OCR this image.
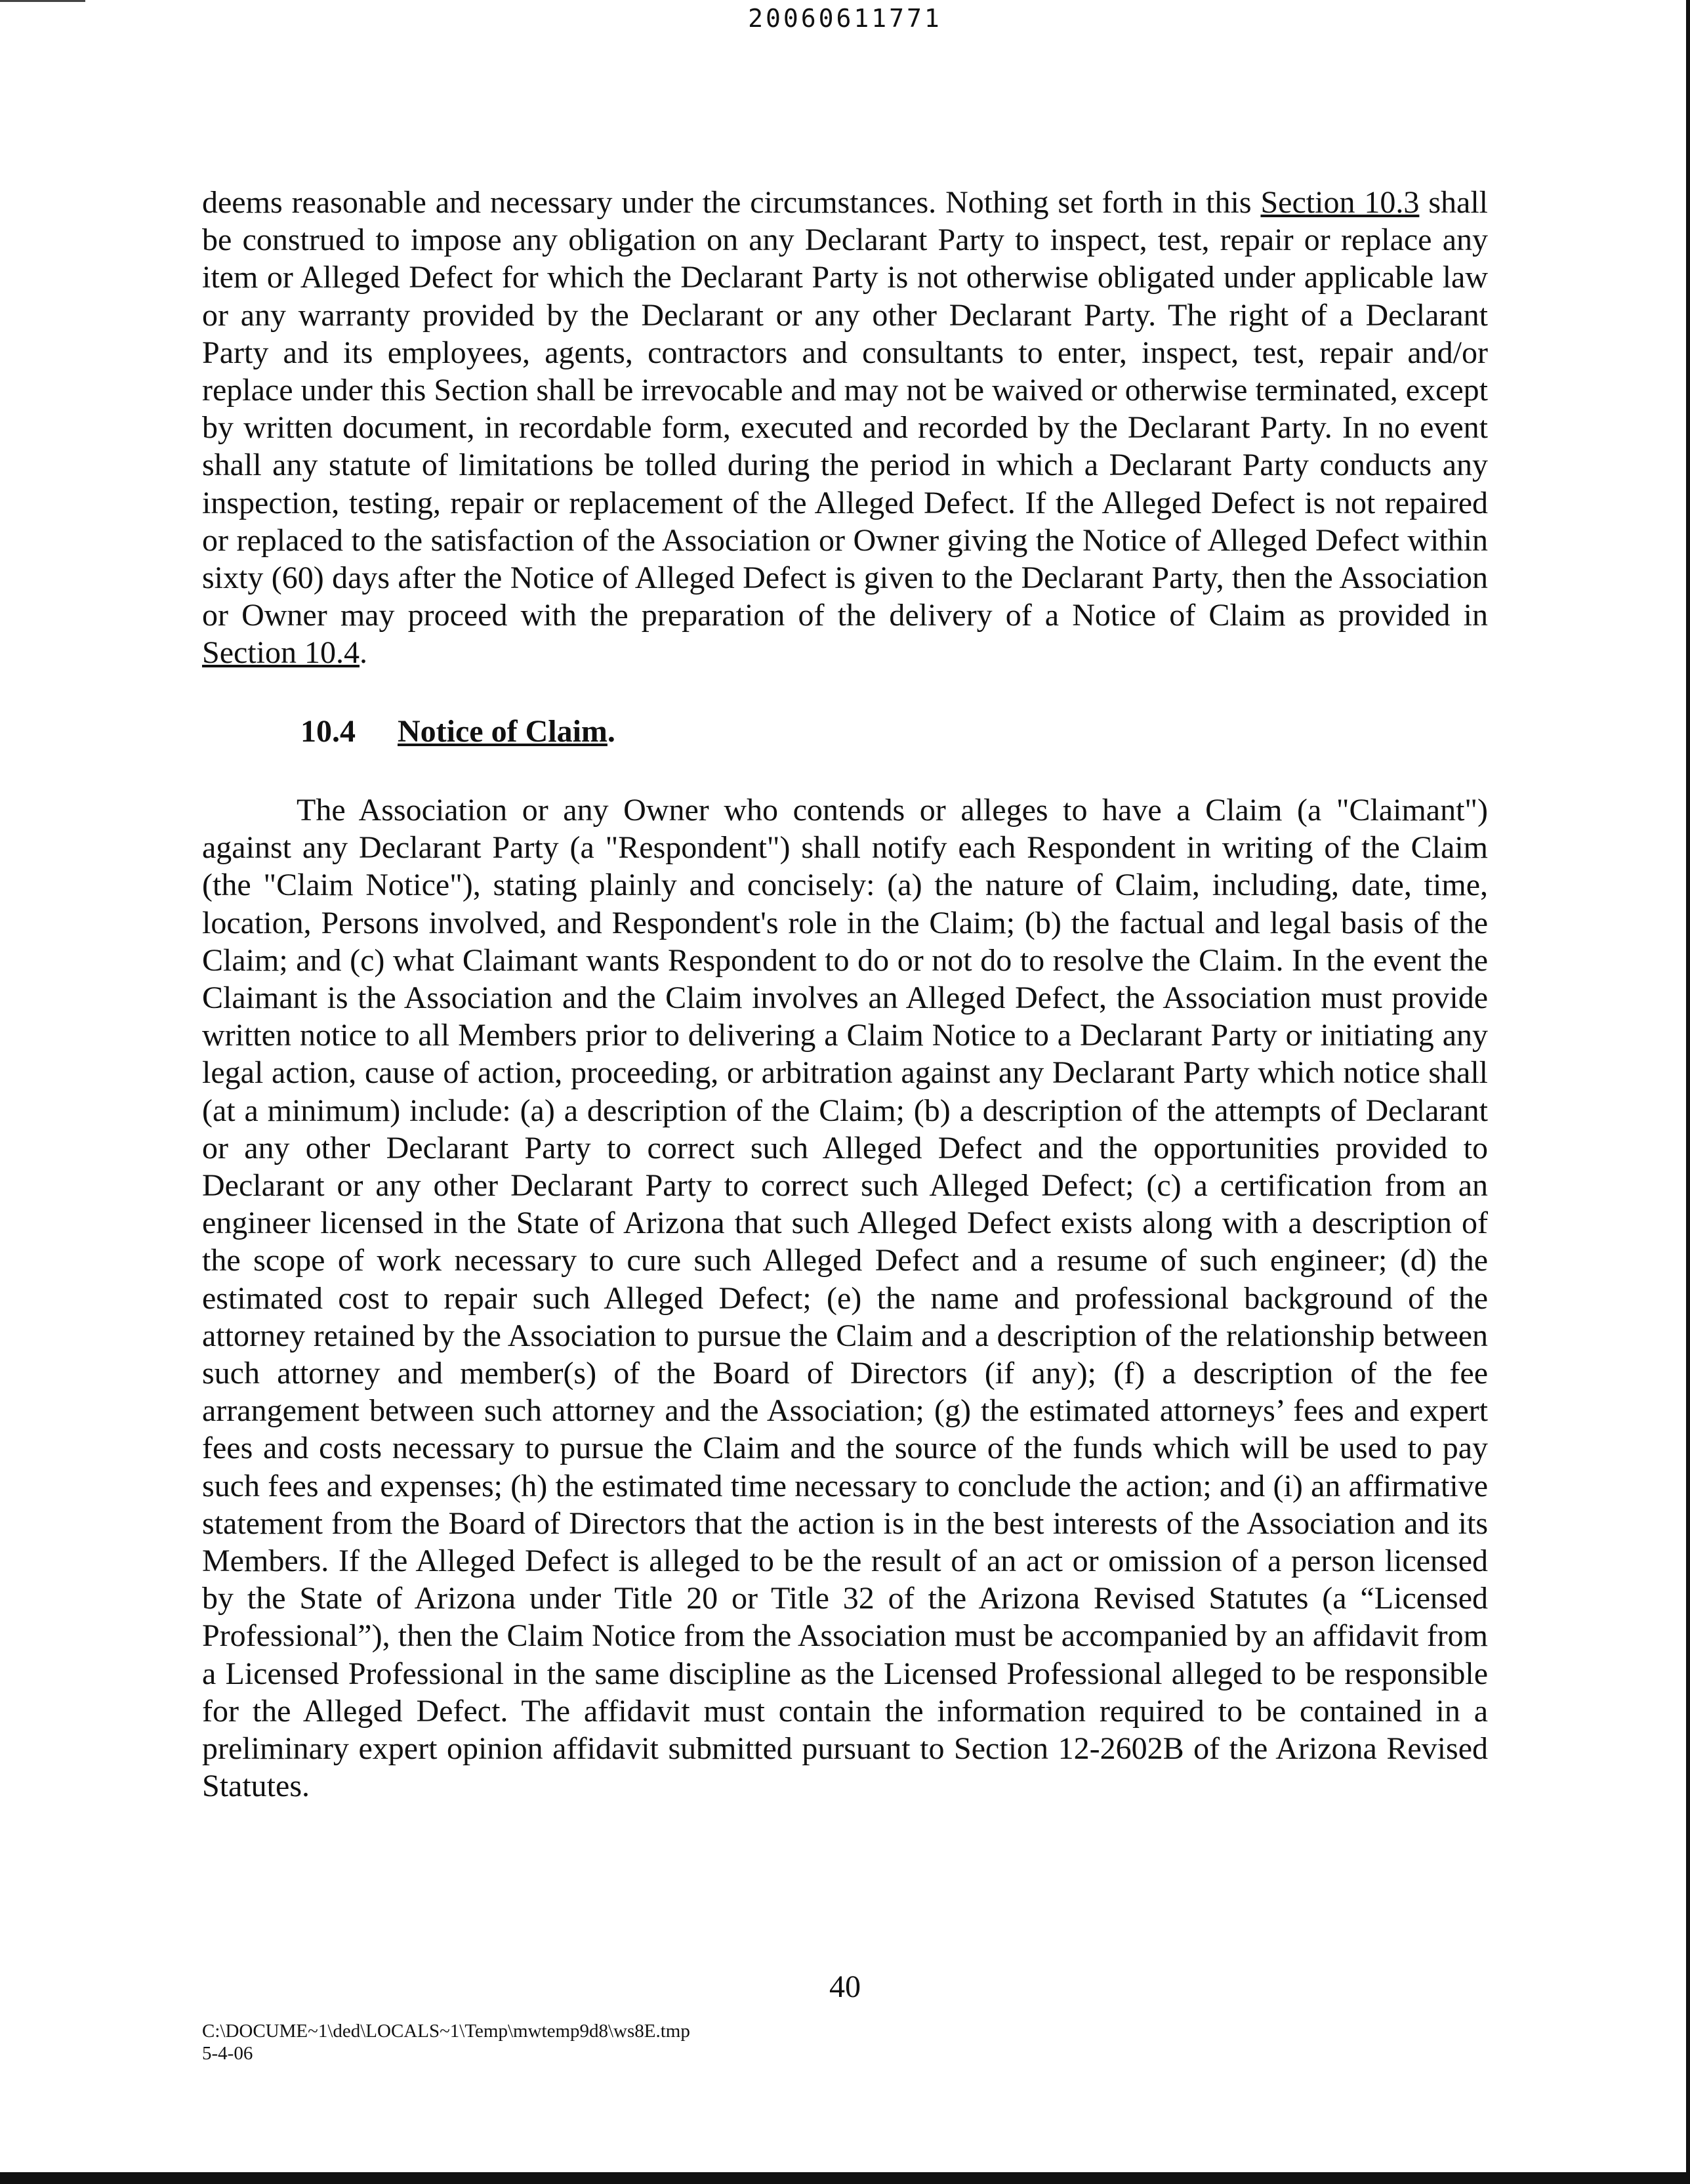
20060611771

deems reasonable and necessary under the circumstances. Nothing set forth in this Section 10.3 shall be construed to impose any obligation on any Declarant Party to inspect, test, repair or replace any item or Alleged Defect for which the Declarant Party is not otherwise obligated under applicable law or any warranty provided by the Declarant or any other Declarant Party. The right of a Declarant Party and its employees, agents, contractors and consultants to enter, inspect, test, repair and/or replace under this Section shall be irrevocable and may not be waived or otherwise terminated, except by written document, in recordable form, executed and recorded by the Declarant Party. In no event shall any statute of limitations be tolled during the period in which a Declarant Party conducts any inspection, testing, repair or replacement of the Alleged Defect. If the Alleged Defect is not repaired or replaced to the satisfaction of the Association or Owner giving the Notice of Alleged Defect within sixty (60) days after the Notice of Alleged Defect is given to the Declarant Party, then the Association or Owner may proceed with the preparation of the delivery of a Notice of Claim as provided in Section 10.4.

10.4 Notice of Claim.

The Association or any Owner who contends or alleges to have a Claim (a "Claimant") against any Declarant Party (a "Respondent") shall notify each Respondent in writing of the Claim (the "Claim Notice"), stating plainly and concisely: (a) the nature of Claim, including, date, time, location, Persons involved, and Respondent's role in the Claim; (b) the factual and legal basis of the Claim; and (c) what Claimant wants Respondent to do or not do to resolve the Claim. In the event the Claimant is the Association and the Claim involves an Alleged Defect, the Association must provide written notice to all Members prior to delivering a Claim Notice to a Declarant Party or initiating any legal action, cause of action, proceeding, or arbitration against any Declarant Party which notice shall (at a minimum) include: (a) a description of the Claim; (b) a description of the attempts of Declarant or any other Declarant Party to correct such Alleged Defect and the opportunities provided to Declarant or any other Declarant Party to correct such Alleged Defect; (c) a certification from an engineer licensed in the State of Arizona that such Alleged Defect exists along with a description of the scope of work necessary to cure such Alleged Defect and a resume of such engineer; (d) the estimated cost to repair such Alleged Defect; (e) the name and professional background of the attorney retained by the Association to pursue the Claim and a description of the relationship between such attorney and member(s) of the Board of Directors (if any); (f) a description of the fee arrangement between such attorney and the Association; (g) the estimated attorneys’ fees and expert fees and costs necessary to pursue the Claim and the source of the funds which will be used to pay such fees and expenses; (h) the estimated time necessary to conclude the action; and (i) an affirmative statement from the Board of Directors that the action is in the best interests of the Association and its Members. If the Alleged Defect is alleged to be the result of an act or omission of a person licensed by the State of Arizona under Title 20 or Title 32 of the Arizona Revised Statutes (a “Licensed Professional”), then the Claim Notice from the Association must be accompanied by an affidavit from a Licensed Professional in the same discipline as the Licensed Professional alleged to be responsible for the Alleged Defect. The affidavit must contain the information required to be contained in a preliminary expert opinion affidavit submitted pursuant to Section 12-2602B of the Arizona Revised Statutes.

40
C:\DOCUME~1\ded\LOCALS~1\Temp\mwtemp9d8\ws8E.tmp
5-4-06
